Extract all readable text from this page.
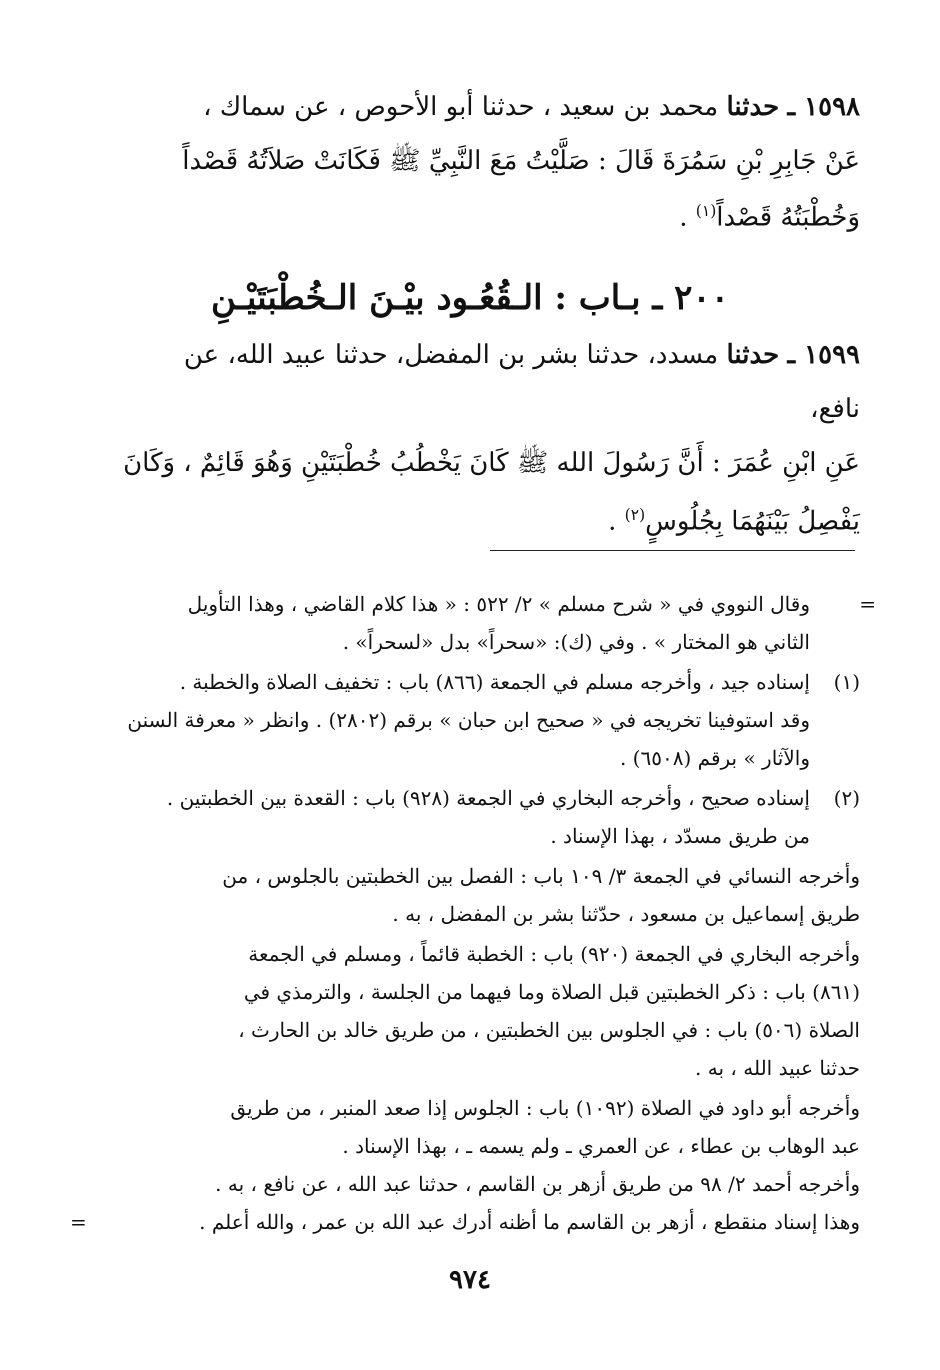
١٥٩٨ ـ حدثنا محمد بن سعيد ، حدثنا أبو الأحوص ، عن سماك ،
عَنْ جَابِرِ بْنِ سَمُرَةَ قَالَ : صَلَّيْتُ مَعَ النَّبِيِّ ﷺ فَكَانَتْ صَلاَتُهُ قَصْداً
وَخُطْبَتُهُ قَصْداً$^{(١)}$ .
٢٠٠ ـ بـاب : الـقُعُـود بيْـنَ الـخُطْبَتَيْـنِ
١٥٩٩ ـ حدثنا مسدد، حدثنا بشر بن المفضل، حدثنا عبيد الله، عن
نافع،
عَنِ ابْنِ عُمَرَ : أَنَّ رَسُولَ الله ﷺ كَانَ يَخْطُبُ خُطْبَتَيْنِ وَهُوَ قَائِمٌ ، وَكَانَ
يَفْصِلُ بَيْنَهُمَا بِجُلُوسٍ$^{(٢)}$ .
=
وقال النووي في « شرح مسلم » ٢/ ٥٢٢ : « هذا كلام القاضي ، وهذا التأويل
الثاني هو المختار » . وفي (ك): «سحراً» بدل «لسحراً» .
(١)
إسناده جيد ، وأخرجه مسلم في الجمعة (٨٦٦) باب : تخفيف الصلاة والخطبة .
وقد استوفينا تخريجه في « صحيح ابن حبان » برقم (٢٨٠٢) . وانظر « معرفة السنن
والآثار » برقم (٦٥٠٨) .
(٢)
إسناده صحيح ، وأخرجه البخاري في الجمعة (٩٢٨) باب : القعدة بين الخطبتين .
من طريق مسدّد ، بهذا الإسناد .
وأخرجه النسائي في الجمعة ٣/ ١٠٩ باب : الفصل بين الخطبتين بالجلوس ، من
طريق إسماعيل بن مسعود ، حدّثنا بشر بن المفضل ، به .
وأخرجه البخاري في الجمعة (٩٢٠) باب : الخطبة قائماً ، ومسلم في الجمعة
(٨٦١) باب : ذكر الخطبتين قبل الصلاة وما فيهما من الجلسة ، والترمذي في
الصلاة (٥٠٦) باب : في الجلوس بين الخطبتين ، من طريق خالد بن الحارث ،
حدثنا عبيد الله ، به .
وأخرجه أبو داود في الصلاة (١٠٩٢) باب : الجلوس إذا صعد المنبر ، من طريق
عبد الوهاب بن عطاء ، عن العمري ـ ولم يسمه ـ ، بهذا الإسناد .
وأخرجه أحمد ٢/ ٩٨ من طريق أزهر بن القاسم ، حدثنا عبد الله ، عن نافع ، به .
وهذا إسناد منقطع ، أزهر بن القاسم ما أظنه أدرك عبد الله بن عمر ، والله أعلم .
=
٩٧٤
